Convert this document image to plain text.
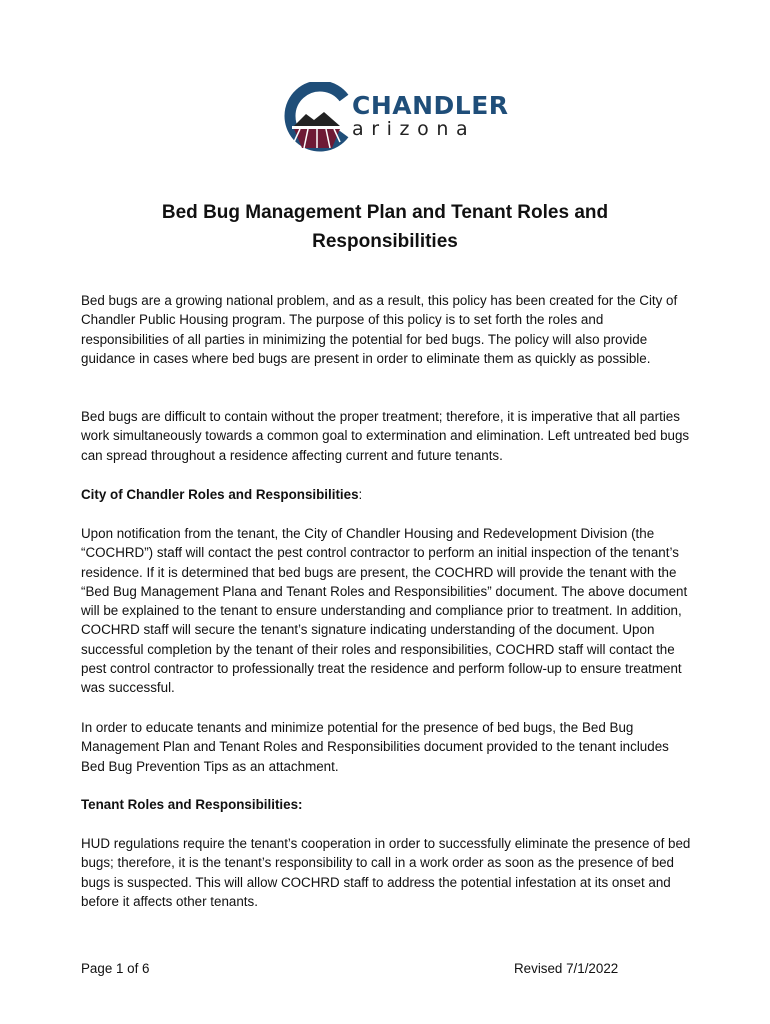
CHANDLER
arizona
Bed Bug Management Plan and Tenant Roles and
Responsibilities

Bed bugs are a growing national problem, and as a result, this policy has been created for the City of Chandler Public Housing program. The purpose of this policy is to set forth the roles and responsibilities of all parties in minimizing the potential for bed bugs. The policy will also provide guidance in cases where bed bugs are present in order to eliminate them as quickly as possible.

Bed bugs are difficult to contain without the proper treatment; therefore, it is imperative that all parties work simultaneously towards a common goal to extermination and elimination. Left untreated bed bugs can spread throughout a residence affecting current and future tenants.

City of Chandler Roles and Responsibilities:

Upon notification from the tenant, the City of Chandler Housing and Redevelopment Division (the “COCHRD”) staff will contact the pest control contractor to perform an initial inspection of the tenant’s residence. If it is determined that bed bugs are present, the COCHRD will provide the tenant with the “Bed Bug Management Plana and Tenant Roles and Responsibilities” document. The above document will be explained to the tenant to ensure understanding and compliance prior to treatment. In addition, COCHRD staff will secure the tenant’s signature indicating understanding of the document. Upon successful completion by the tenant of their roles and responsibilities, COCHRD staff will contact the pest control contractor to professionally treat the residence and perform follow-up to ensure treatment was successful.

In order to educate tenants and minimize potential for the presence of bed bugs, the Bed Bug Management Plan and Tenant Roles and Responsibilities document provided to the tenant includes Bed Bug Prevention Tips as an attachment.

Tenant Roles and Responsibilities:

HUD regulations require the tenant’s cooperation in order to successfully eliminate the presence of bed bugs; therefore, it is the tenant’s responsibility to call in a work order as soon as the presence of bed bugs is suspected. This will allow COCHRD staff to address the potential infestation at its onset and before it affects other tenants.

Page 1 of 6	Revised 7/1/2022
